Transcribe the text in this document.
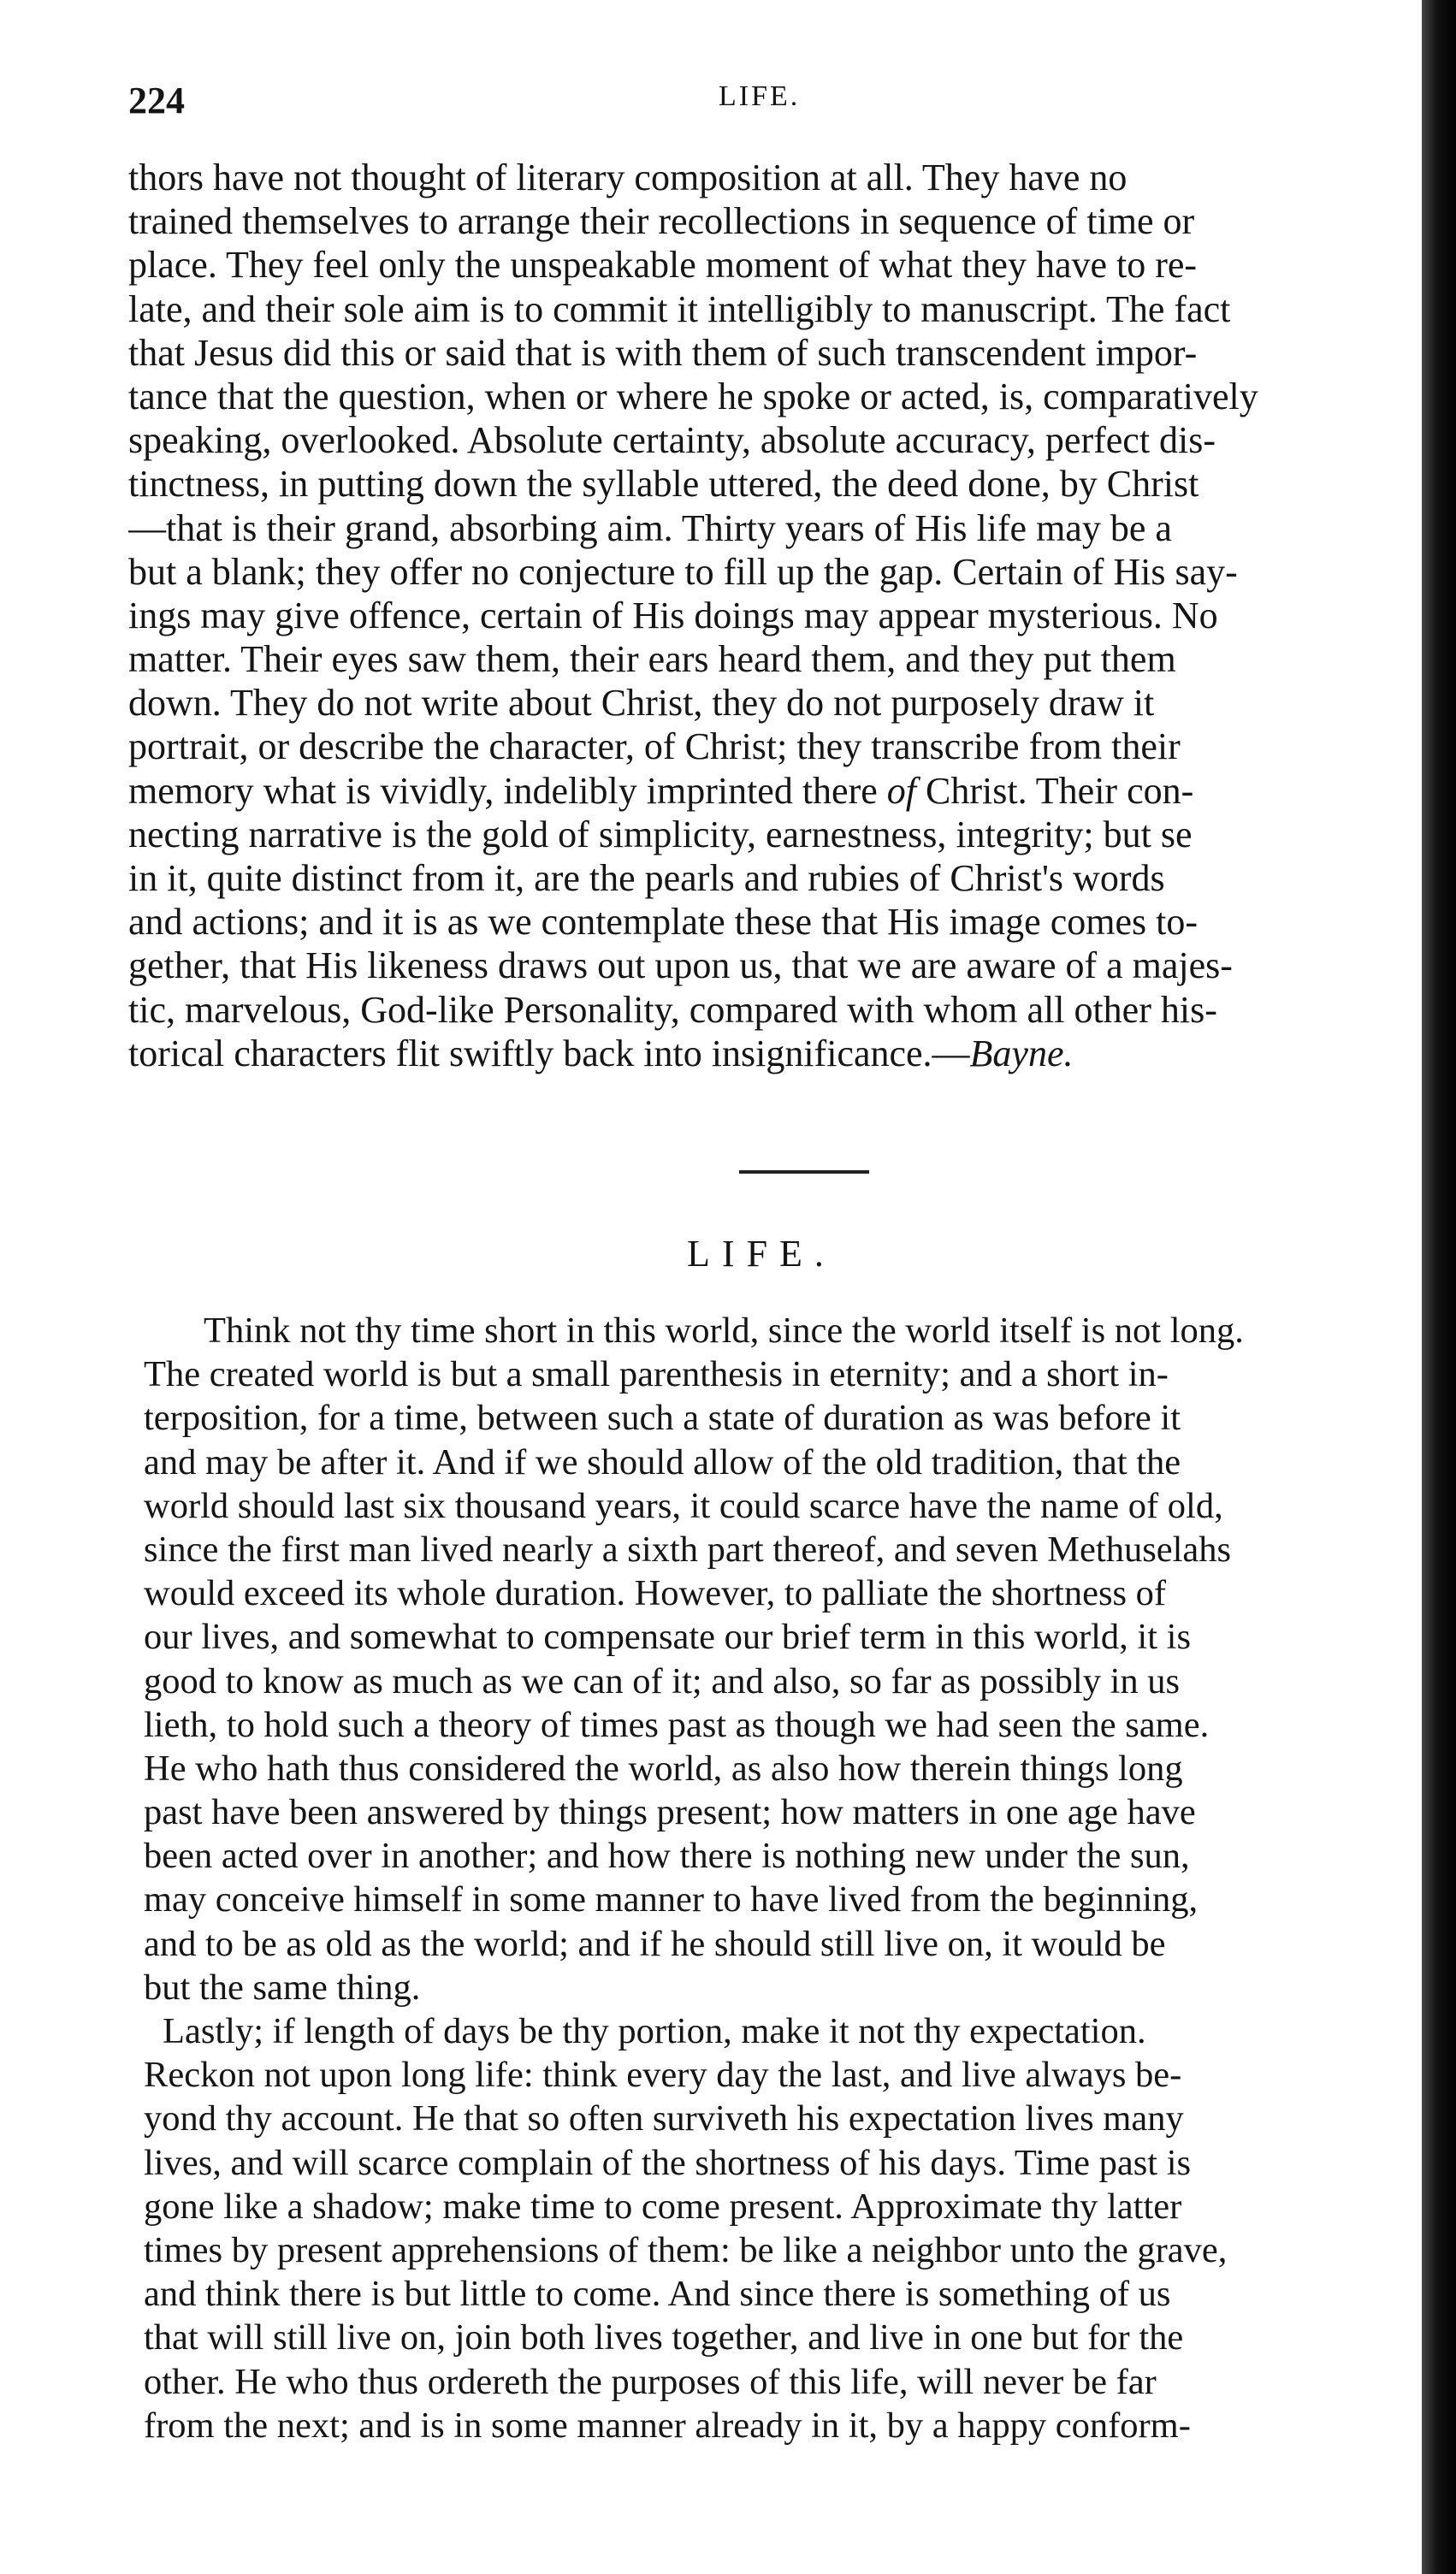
224	LIFE.
thors have not thought of literary composition at all. They have no
trained themselves to arrange their recollections in sequence of time or
place. They feel only the unspeakable moment of what they have to re-
late, and their sole aim is to commit it intelligibly to manuscript. The fact
that Jesus did this or said that is with them of such transcendent impor-
tance that the question, when or where he spoke or acted, is, comparatively
speaking, overlooked. Absolute certainty, absolute accuracy, perfect dis-
tinctness, in putting down the syllable uttered, the deed done, by Christ
—that is their grand, absorbing aim. Thirty years of His life may be a
but a blank; they offer no conjecture to fill up the gap. Certain of His say-
ings may give offence, certain of His doings may appear mysterious. No
matter. Their eyes saw them, their ears heard them, and they put them
down. They do not write about Christ, they do not purposely draw it
portrait, or describe the character, of Christ; they transcribe from their
memory what is vividly, indelibly imprinted there of Christ. Their con-
necting narrative is the gold of simplicity, earnestness, integrity; but se
in it, quite distinct from it, are the pearls and rubies of Christ's words
and actions; and it is as we contemplate these that His image comes to-
gether, that His likeness draws out upon us, that we are aware of a majes-
tic, marvelous, God-like Personality, compared with whom all other his-
torical characters flit swiftly back into insignificance.—Bayne.
LIFE.
Think not thy time short in this world, since the world itself is not long.
The created world is but a small parenthesis in eternity; and a short in-
terposition, for a time, between such a state of duration as was before it
and may be after it. And if we should allow of the old tradition, that the
world should last six thousand years, it could scarce have the name of old,
since the first man lived nearly a sixth part thereof, and seven Methuselahs
would exceed its whole duration. However, to palliate the shortness of
our lives, and somewhat to compensate our brief term in this world, it is
good to know as much as we can of it; and also, so far as possibly in us
lieth, to hold such a theory of times past as though we had seen the same.
He who hath thus considered the world, as also how therein things long
past have been answered by things present; how matters in one age have
been acted over in another; and how there is nothing new under the sun,
may conceive himself in some manner to have lived from the beginning,
and to be as old as the world; and if he should still live on, it would be
but the same thing.
Lastly; if length of days be thy portion, make it not thy expectation.
Reckon not upon long life: think every day the last, and live always be-
yond thy account. He that so often surviveth his expectation lives many
lives, and will scarce complain of the shortness of his days. Time past is
gone like a shadow; make time to come present. Approximate thy latter
times by present apprehensions of them: be like a neighbor unto the grave,
and think there is but little to come. And since there is something of us
that will still live on, join both lives together, and live in one but for the
other. He who thus ordereth the purposes of this life, will never be far
from the next; and is in some manner already in it, by a happy conform-
